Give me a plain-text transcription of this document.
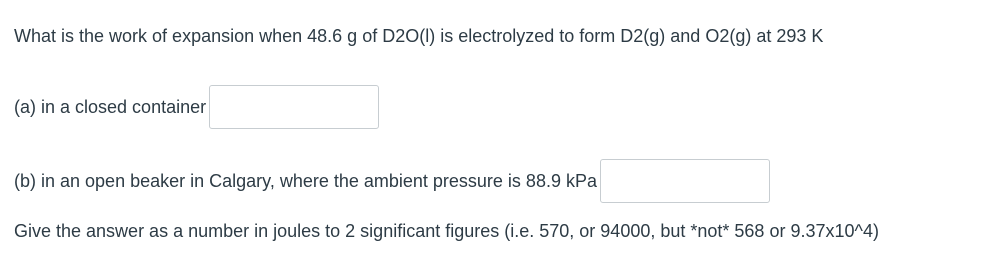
What is the work of expansion when 48.6 g of D2O(l) is electrolyzed to form D2(g) and O2(g) at 293 K
(a) in a closed container
(b) in an open beaker in Calgary, where the ambient pressure is 88.9 kPa
Give the answer as a number in joules to 2 significant figures (i.e. 570, or 94000, but *not* 568 or 9.37x10^4)
